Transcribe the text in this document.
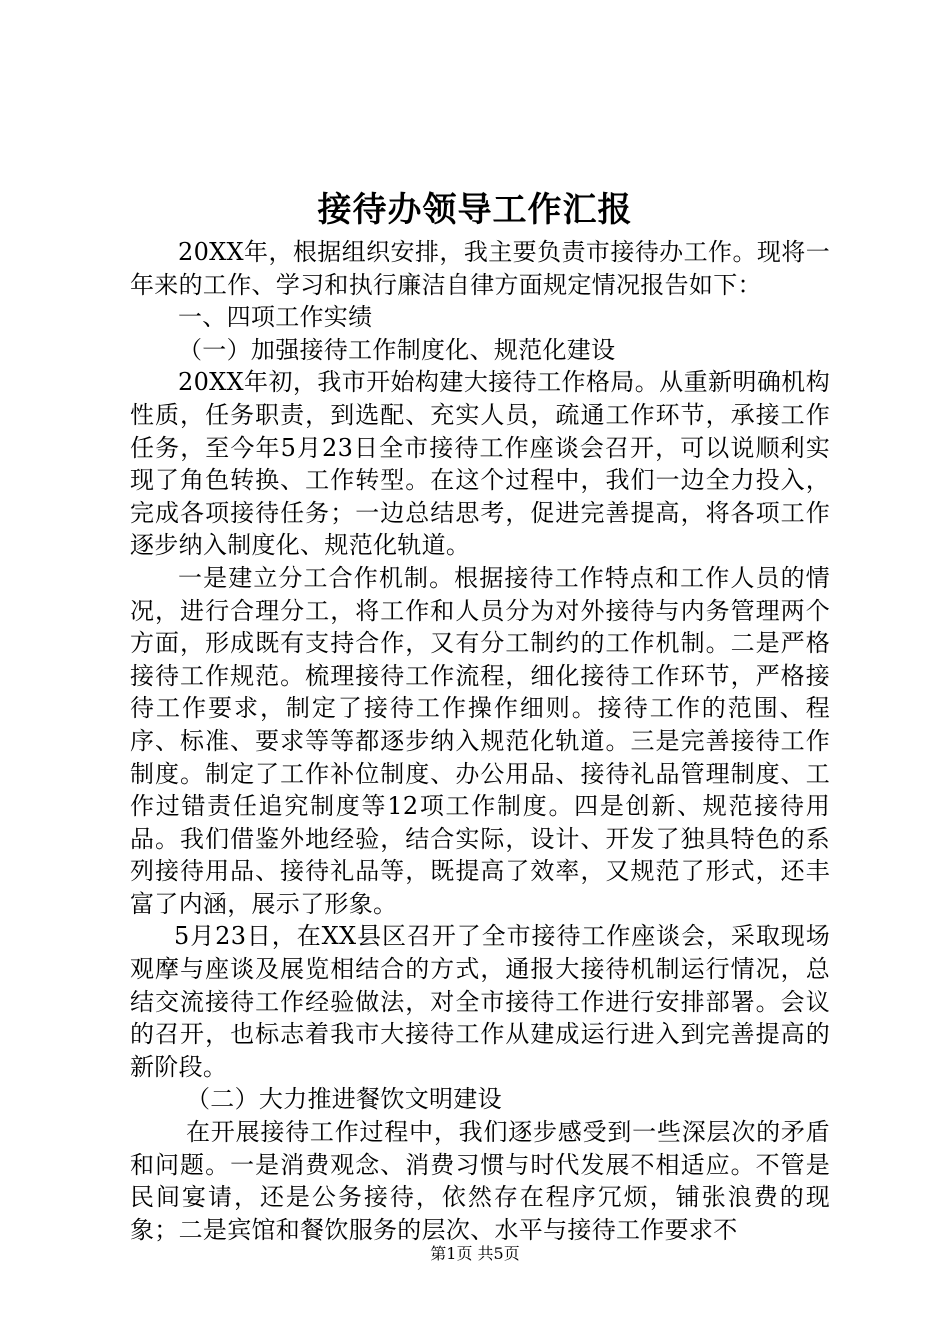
接待办领导工作汇报

20XX年，根据组织安排，我主要负责市接待办工作。现将一年来的工作、学习和执行廉洁自律方面规定情况报告如下：

一、四项工作实绩

（一）加强接待工作制度化、规范化建设

20XX年初，我市开始构建大接待工作格局。从重新明确机构性质，任务职责，到选配、充实人员，疏通工作环节，承接工作任务，至今年5月23日全市接待工作座谈会召开，可以说顺利实现了角色转换、工作转型。在这个过程中，我们一边全力投入，完成各项接待任务；一边总结思考，促进完善提高，将各项工作逐步纳入制度化、规范化轨道。

一是建立分工合作机制。根据接待工作特点和工作人员的情况，进行合理分工，将工作和人员分为对外接待与内务管理两个方面，形成既有支持合作，又有分工制约的工作机制。二是严格接待工作规范。梳理接待工作流程，细化接待工作环节，严格接待工作要求，制定了接待工作操作细则。接待工作的范围、程序、标准、要求等等都逐步纳入规范化轨道。三是完善接待工作制度。制定了工作补位制度、办公用品、接待礼品管理制度、工作过错责任追究制度等12项工作制度。四是创新、规范接待用品。我们借鉴外地经验，结合实际，设计、开发了独具特色的系列接待用品、接待礼品等，既提高了效率，又规范了形式，还丰富了内涵，展示了形象。

5月23日，在XX县区召开了全市接待工作座谈会，采取现场观摩与座谈及展览相结合的方式，通报大接待机制运行情况，总结交流接待工作经验做法，对全市接待工作进行安排部署。会议的召开，也标志着我市大接待工作从建成运行进入到完善提高的新阶段。

（二）大力推进餐饮文明建设

在开展接待工作过程中，我们逐步感受到一些深层次的矛盾和问题。一是消费观念、消费习惯与时代发展不相适应。不管是民间宴请，还是公务接待，依然存在程序冗烦，铺张浪费的现象；二是宾馆和餐饮服务的层次、水平与接待工作要求不

第1页 共5页
